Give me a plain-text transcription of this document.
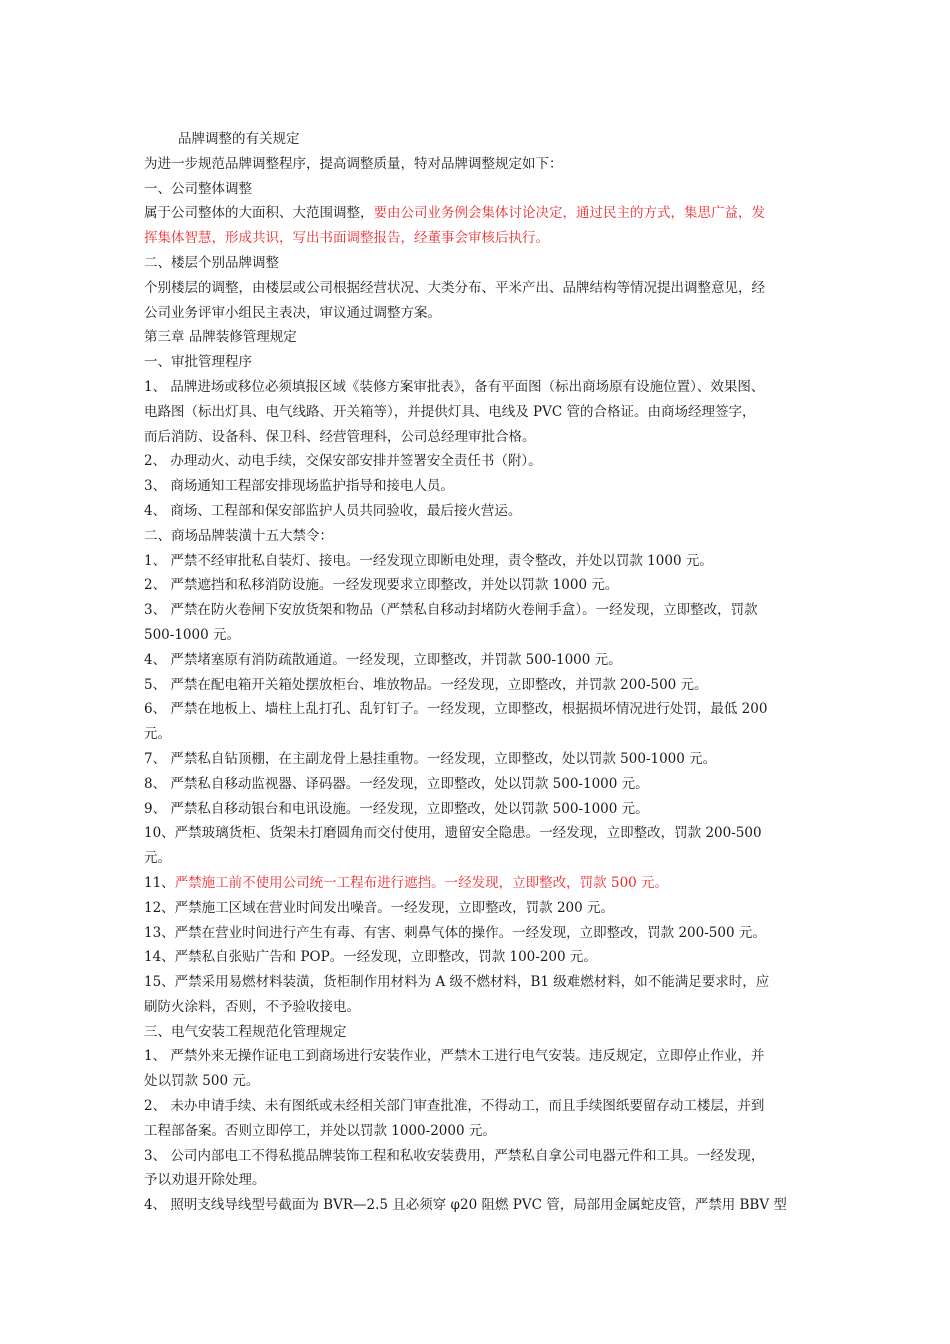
品牌调整的有关规定
为进一步规范品牌调整程序，提高调整质量，特对品牌调整规定如下：
一、公司整体调整
属于公司整体的大面积、大范围调整，要由公司业务例会集体讨论决定，通过民主的方式，集思广益，发
挥集体智慧，形成共识，写出书面调整报告，经董事会审核后执行。
二、楼层个别品牌调整
个别楼层的调整，由楼层或公司根据经营状况、大类分布、平米产出、品牌结构等情况提出调整意见，经
公司业务评审小组民主表决，审议通过调整方案。
第三章 品牌装修管理规定
一、审批管理程序
1、 品牌进场或移位必须填报区域《装修方案审批表》，备有平面图（标出商场原有设施位置）、效果图、
电路图（标出灯具、电气线路、开关箱等），并提供灯具、电线及 PVC 管的合格证。由商场经理签字，
而后消防、设备科、保卫科、经营管理科，公司总经理审批合格。
2、 办理动火、动电手续，交保安部安排并签署安全责任书（附）。
3、 商场通知工程部安排现场监护指导和接电人员。
4、 商场、工程部和保安部监护人员共同验收，最后接火营运。
二、商场品牌装潢十五大禁令：
1、 严禁不经审批私自装灯、接电。一经发现立即断电处理，责令整改，并处以罚款 1000 元。
2、 严禁遮挡和私移消防设施。一经发现要求立即整改，并处以罚款 1000 元。
3、 严禁在防火卷闸下安放货架和物品（严禁私自移动封堵防火卷闸手盒）。一经发现，立即整改，罚款
500-1000 元。
4、 严禁堵塞原有消防疏散通道。一经发现，立即整改，并罚款 500-1000 元。
5、 严禁在配电箱开关箱处摆放柜台、堆放物品。一经发现，立即整改，并罚款 200-500 元。
6、 严禁在地板上、墙柱上乱打孔、乱钉钉子。一经发现，立即整改，根据损坏情况进行处罚，最低 200
元。
7、 严禁私自钻顶棚，在主副龙骨上悬挂重物。一经发现，立即整改，处以罚款 500-1000 元。
8、 严禁私自移动监视器、译码器。一经发现，立即整改，处以罚款 500-1000 元。
9、 严禁私自移动银台和电讯设施。一经发现，立即整改，处以罚款 500-1000 元。
10、严禁玻璃货柜、货架未打磨圆角而交付使用，遗留安全隐患。一经发现，立即整改，罚款 200-500
元。
11、严禁施工前不使用公司统一工程布进行遮挡。一经发现，立即整改，罚款 500 元。
12、严禁施工区域在营业时间发出噪音。一经发现，立即整改，罚款 200 元。
13、严禁在营业时间进行产生有毒、有害、刺鼻气体的操作。一经发现，立即整改，罚款 200-500 元。
14、严禁私自张贴广告和 POP。一经发现，立即整改，罚款 100-200 元。
15、严禁采用易燃材料装潢，货柜制作用材料为 A 级不燃材料，B1 级难燃材料，如不能满足要求时，应
刷防火涂料，否则，不予验收接电。
三、电气安装工程规范化管理规定
1、 严禁外来无操作证电工到商场进行安装作业，严禁木工进行电气安装。违反规定，立即停止作业，并
处以罚款 500 元。
2、 未办申请手续、未有图纸或未经相关部门审查批准，不得动工，而且手续图纸要留存动工楼层，并到
工程部备案。否则立即停工，并处以罚款 1000-2000 元。
3、 公司内部电工不得私揽品牌装饰工程和私收安装费用，严禁私自拿公司电器元件和工具。一经发现，
予以劝退开除处理。
4、 照明支线导线型号截面为 BVR—2.5 且必须穿 φ20 阻燃 PVC 管，局部用金属蛇皮管，严禁用 BBV 型
